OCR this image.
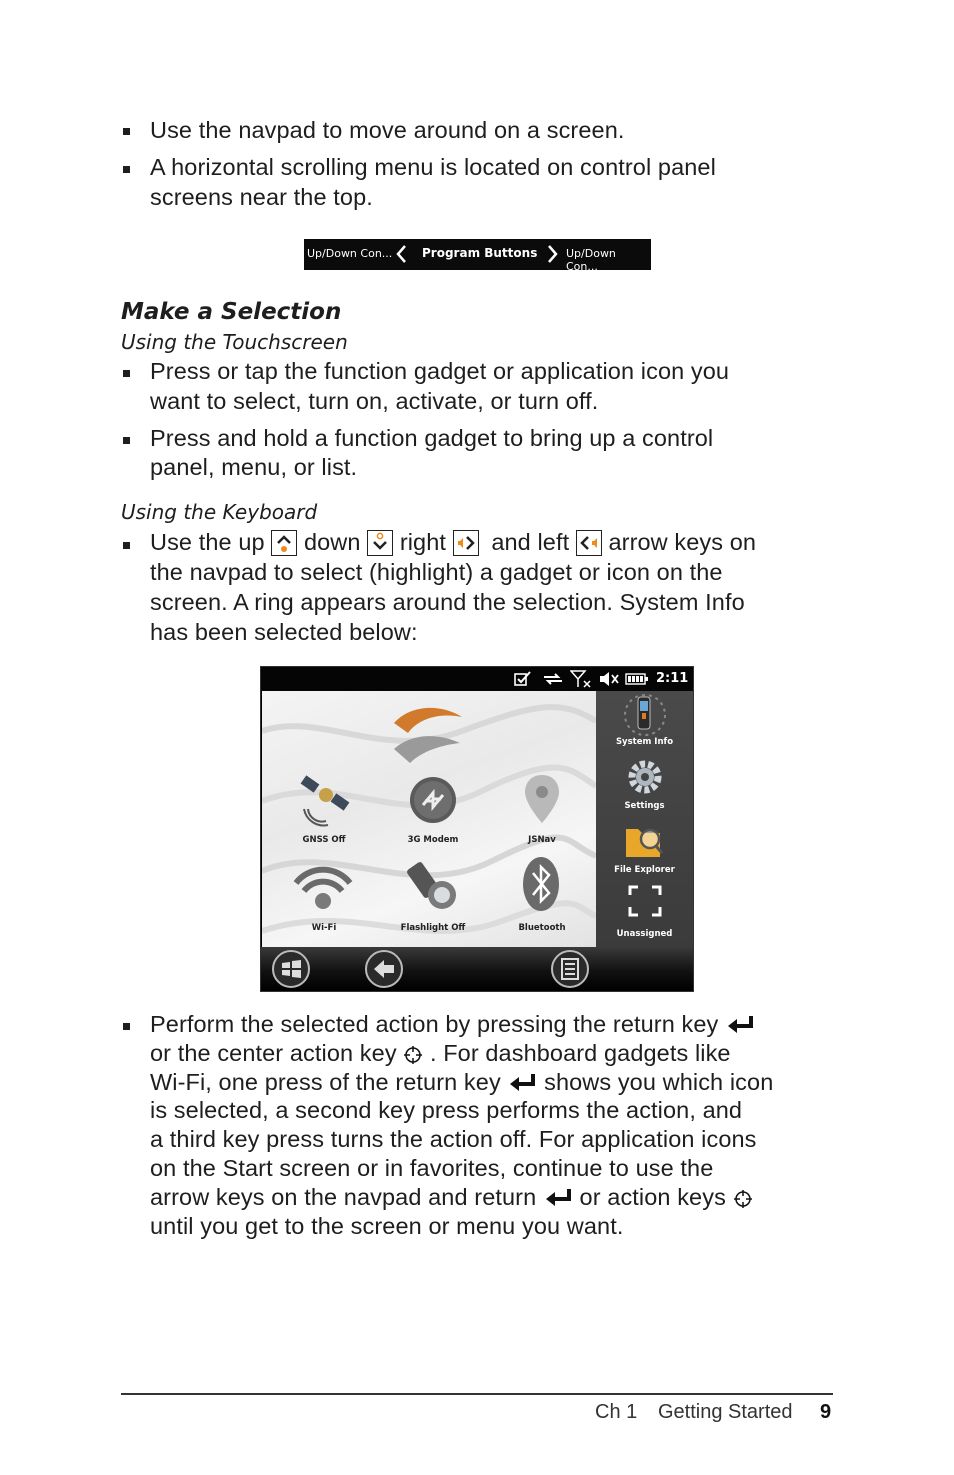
Use the navpad to move around on a screen.
A horizontal scrolling menu is located on control panel
screens near the top.
Up/Down Con... Program Buttons	Up/Down Con...
Make a Selection
Using the Touchscreen
Press or tap the function gadget or application icon you
want to select, turn on, activate, or turn off.
Press and hold a function gadget to bring up a control
panel, menu, or list.
Using the Keyboard
Use the up down right and left arrow keys on
the navpad to select (highlight) a gadget or icon on the
screen. A ring appears around the selection. System Info
has been selected below:
2:11
GNSS Off	3G Modem	JSNav
Wi-Fi	Flashlight Off	Bluetooth
System Info
Settings
File Explorer
Unassigned
Perform the selected action by pressing the return key
or the center action key . For dashboard gadgets like
Wi-Fi, one press of the return key shows you which icon
is selected, a second key press performs the action, and
a third key press turns the action off. For application icons
on the Start screen or in favorites, continue to use the
arrow keys on the navpad and return or action keys
until you get to the screen or menu you want.
Ch 1 Getting Started 9
